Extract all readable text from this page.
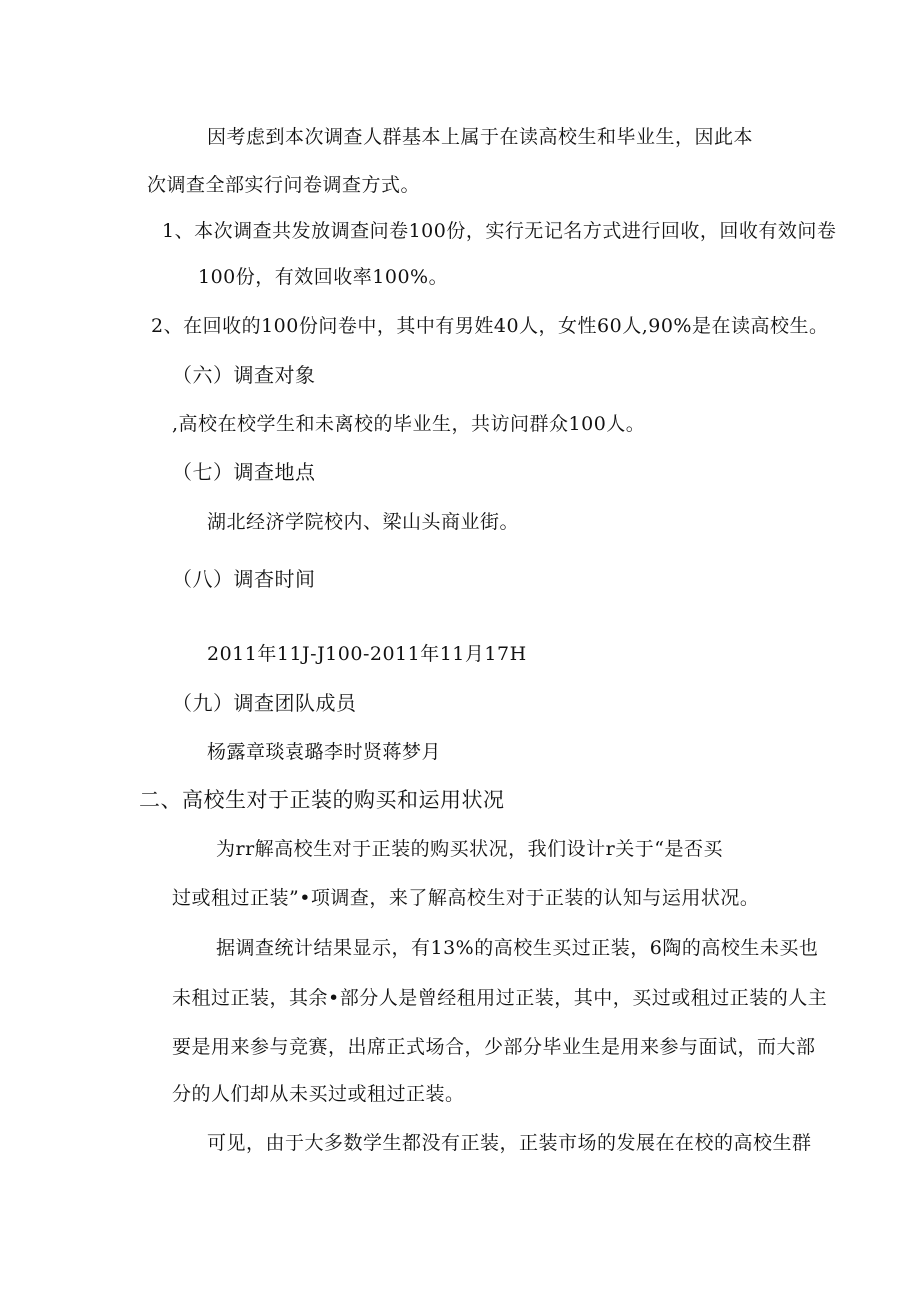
因考虑到本次调查人群基本上属于在读高校生和毕业生，因此本
次调查全部实行问卷调查方式。
1、本次调查共发放调查问卷100份，实行无记名方式进行回收，回收有效问卷
100份，有效回收率100%。
2、在回收的100份问卷中，其中有男姓40人，女性60人,90%是在读高校生。
（六）调查对象
,高校在校学生和未离校的毕业生，共访问群众100人。
（七）调查地点
湖北经济学院校内、梁山头商业街。
（八）调杳时间
2011年11J-J100-2011年11月17H
（九）调查团队成员
杨露章琰袁璐李时贤蒋梦月
二、高校生对于正装的购买和运用状况
为rr解高校生对于正装的购买状况，我们设计r关于“是否买
过或租过正装”•项调查，来了解高校生对于正装的认知与运用状况。
据调查统计结果显示，有13%的高校生买过正装，6陶的高校生未买也
未租过正装，其余•部分人是曾经租用过正装，其中，买过或租过正装的人主
要是用来参与竞赛，出席正式场合，少部分毕业生是用来参与面试，而大部
分的人们却从未买过或租过正装。
可见，由于大多数学生都没有正装，正装市场的发展在在校的高校生群
